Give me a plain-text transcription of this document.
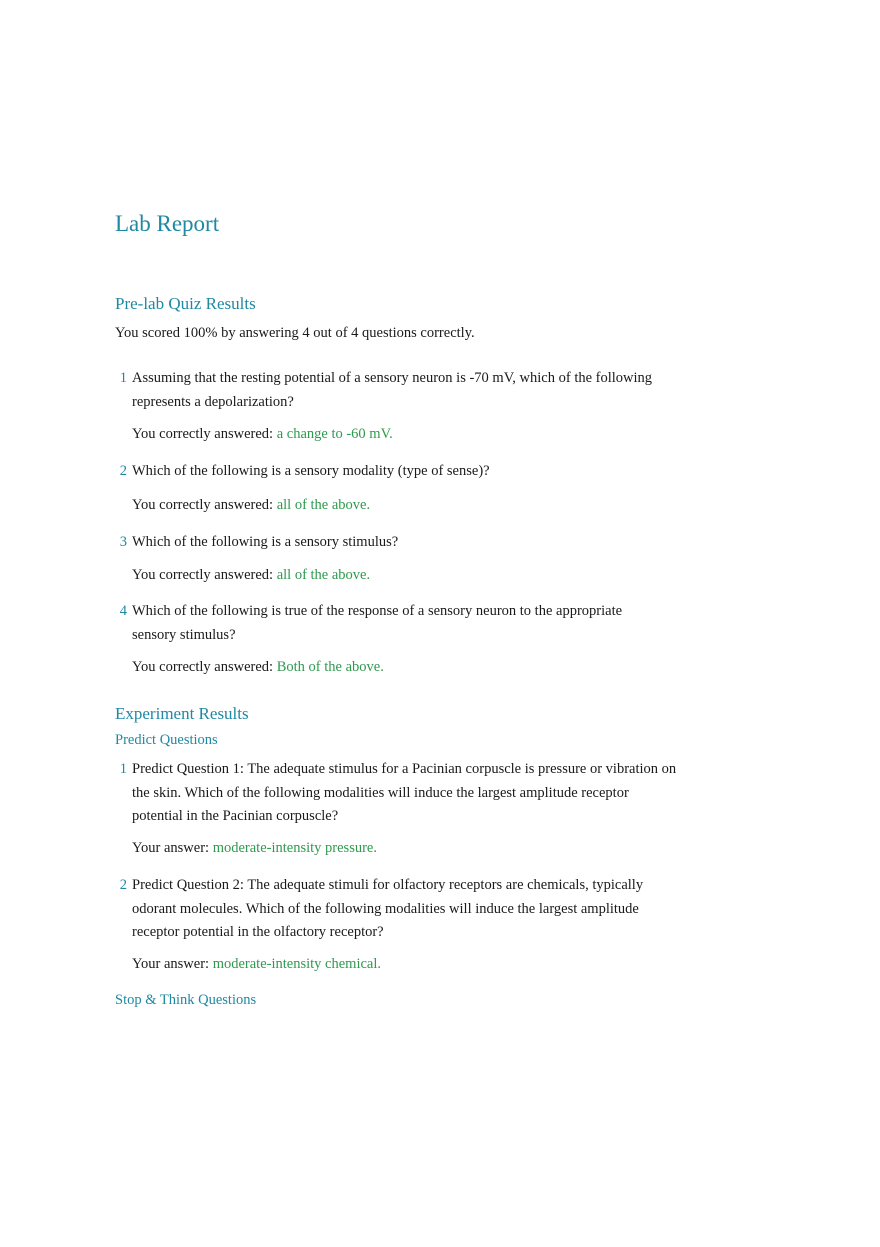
Lab Report
Pre-lab Quiz Results
You scored 100% by answering 4 out of 4 questions correctly.
1 Assuming that the resting potential of a sensory neuron is -70 mV, which of the following represents a depolarization?
You correctly answered: a change to -60 mV.
2 Which of the following is a sensory modality (type of sense)?
You correctly answered: all of the above.
3 Which of the following is a sensory stimulus?
You correctly answered: all of the above.
4 Which of the following is true of the response of a sensory neuron to the appropriate sensory stimulus?
You correctly answered: Both of the above.
Experiment Results
Predict Questions
1 Predict Question 1: The adequate stimulus for a Pacinian corpuscle is pressure or vibration on the skin. Which of the following modalities will induce the largest amplitude receptor potential in the Pacinian corpuscle?
Your answer: moderate-intensity pressure.
2 Predict Question 2: The adequate stimuli for olfactory receptors are chemicals, typically odorant molecules. Which of the following modalities will induce the largest amplitude receptor potential in the olfactory receptor?
Your answer: moderate-intensity chemical.
Stop & Think Questions
